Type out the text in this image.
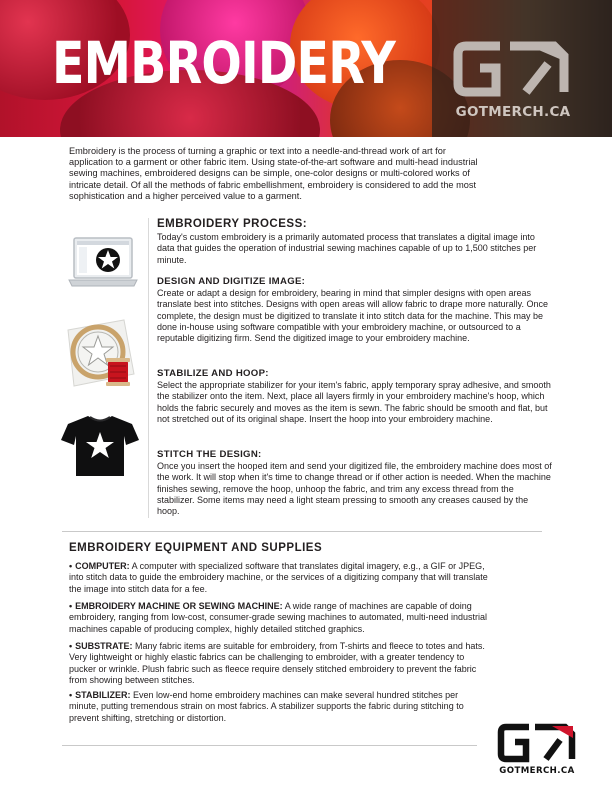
EMBROIDERY
GOTMERCH.CA

Embroidery is the process of turning a graphic or text into a needle-and-thread work of art for application to a garment or other fabric item. Using state-of-the-art software and multi-head industrial sewing machines, embroidered designs can be simple, one-color designs or multi-colored works of intricate detail. Of all the methods of fabric embellishment, embroidery is considered to add the most sophistication and a higher perceived value to a garment.

EMBROIDERY PROCESS:

Today's custom embroidery is a primarily automated process that translates a digital image into data that guides the operation of industrial sewing machines capable of up to 1,500 stitches per minute.

DESIGN AND DIGITIZE IMAGE:

Create or adapt a design for embroidery, bearing in mind that simpler designs with open areas translate best into stitches. Designs with open areas will allow fabric to drape more naturally. Once complete, the design must be digitized to translate it into stitch data for the machine. This may be done in-house using software compatible with your embroidery machine, or outsourced to a reputable digitizing firm. Send the digitized image to your embroidery machine.

STABILIZE AND HOOP:

Select the appropriate stabilizer for your item's fabric, apply temporary spray adhesive, and smooth the stabilizer onto the item. Next, place all layers firmly in your embroidery machine's hoop, which holds the fabric securely and moves as the item is sewn. The fabric should be smooth and flat, but not stretched out of its original shape. Insert the hoop into your embroidery machine.

STITCH THE DESIGN:

Once you insert the hooped item and send your digitized file, the embroidery machine does most of the work. It will stop when it's time to change thread or if other action is needed. When the machine finishes sewing, remove the hoop, unhoop the fabric, and trim any excess thread from the stabilizer. Some items may need a light steam pressing to smooth any creases caused by the hoop.

EMBROIDERY EQUIPMENT AND SUPPLIES

• COMPUTER: A computer with specialized software that translates digital imagery, e.g., a GIF or JPEG, into stitch data to guide the embroidery machine, or the services of a digitizing company that will translate the image into stitch data for a fee.

• EMBROIDERY MACHINE OR SEWING MACHINE: A wide range of machines are capable of doing embroidery, ranging from low-cost, consumer-grade sewing machines to automated, multi-need industrial machines capable of producing complex, highly detailed stitched graphics.

• SUBSTRATE: Many fabric items are suitable for embroidery, from T-shirts and fleece to totes and hats. Very lightweight or highly elastic fabrics can be challenging to embroider, with a greater tendency to pucker or wrinkle. Plush fabric such as fleece require densely stitched embroidery to prevent the fabric from showing between stitches.

• STABILIZER: Even low-end home embroidery machines can make several hundred stitches per minute, putting tremendous strain on most fabrics. A stabilizer supports the fabric during stitching to prevent shifting, stretching or distortion.

GOTMERCH.CA
